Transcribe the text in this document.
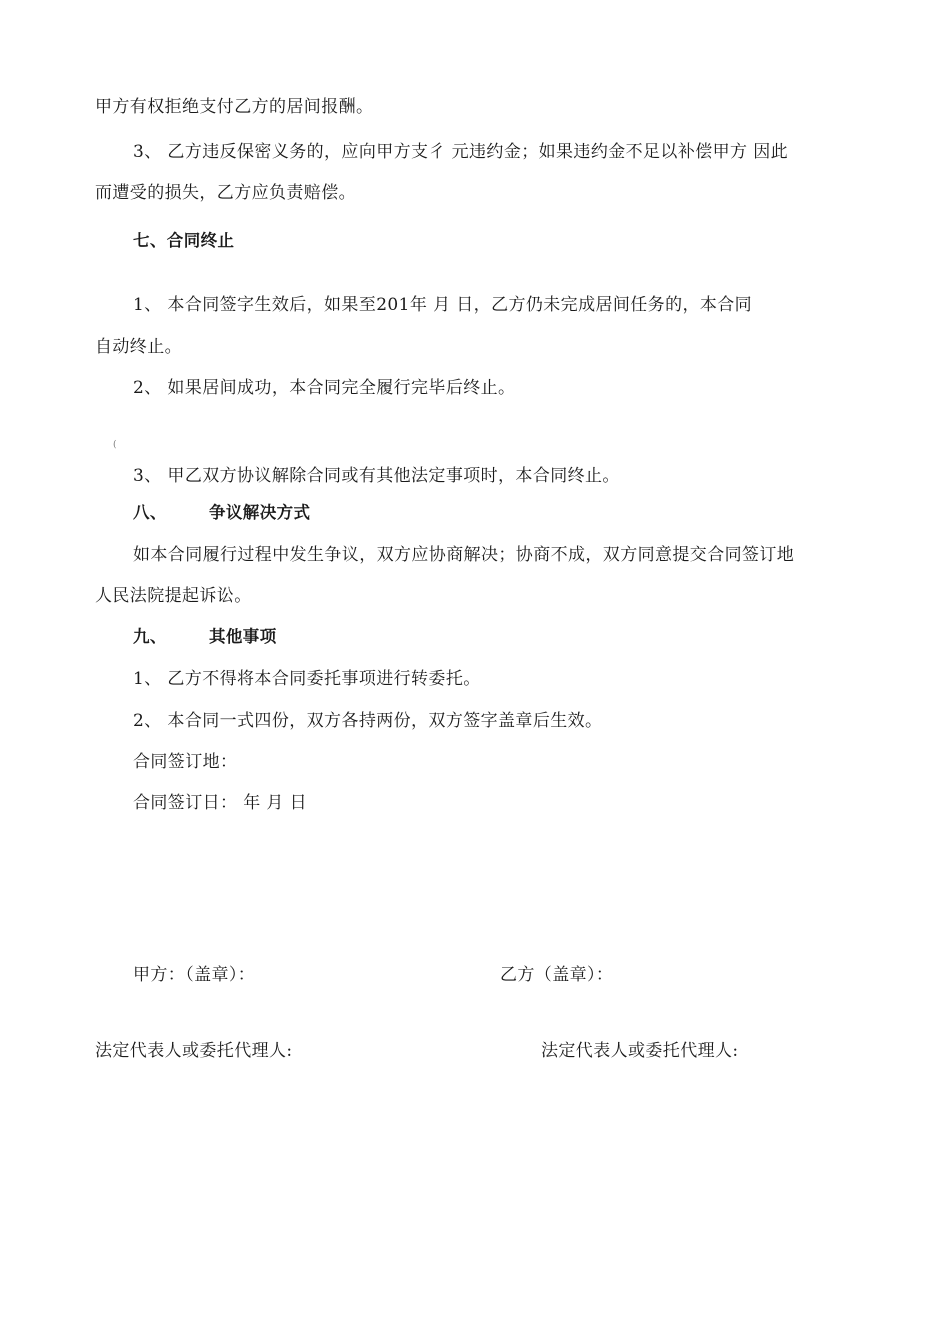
甲方有权拒绝支付乙方的居间报酬。
3、 乙方违反保密义务的，应向甲方支彳 元违约金；如果违约金不足以补偿甲方 因此
而遭受的损失，乙方应负责赔偿。
七、合同终止
1、 本合同签字生效后，如果至201年 月 日，乙方仍未完成居间任务的，本合同
自动终止。
2、 如果居间成功，本合同完全履行完毕后终止。
(
3、 甲乙双方协议解除合同或有其他法定事项时，本合同终止。
八、	争议解决方式
如本合同履行过程中发生争议，双方应协商解决；协商不成，双方同意提交合同签订地
人民法院提起诉讼。
九、	其他事项
1、 乙方不得将本合同委托事项进行转委托。
2、 本合同一式四份，双方各持两份，双方签字盖章后生效。
合同签订地：
合同签订日： 年 月 日
甲方：（盖章）：	乙方（盖章）：
法定代表人或委托代理人:	法定代表人或委托代理人:
